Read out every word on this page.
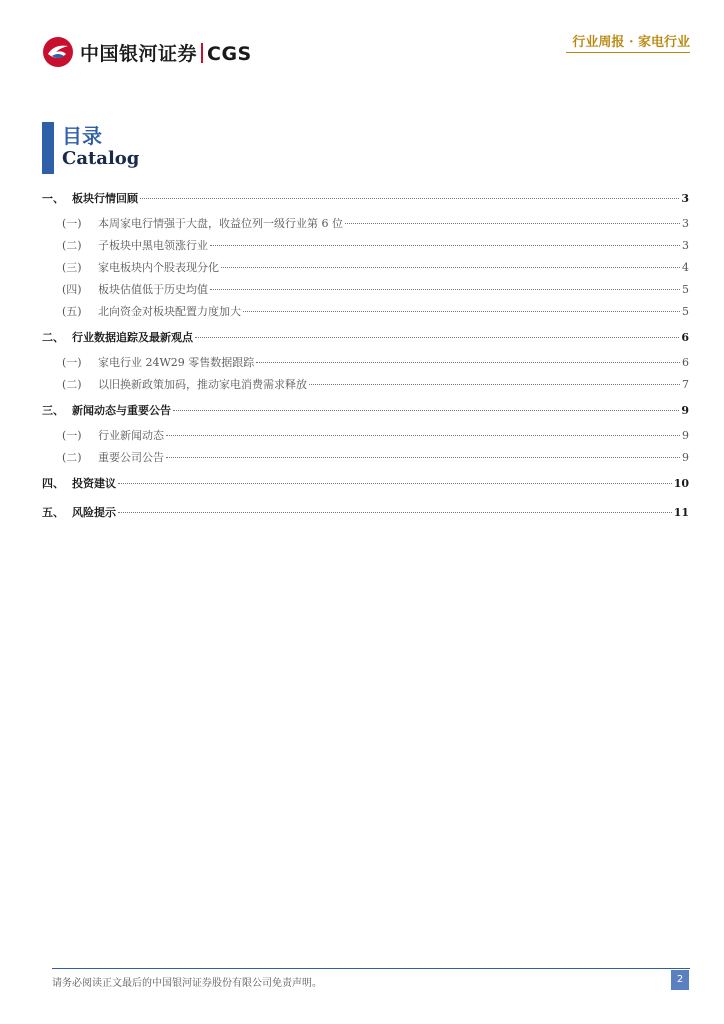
中国银河证券 CGS	行业周报 · 家电行业
目录
Catalog
一、 板块行情回顾	3
(一)	本周家电行情强于大盘，收益位列一级行业第 6 位	3
(二)	子板块中黑电领涨行业	3
(三)	家电板块内个股表现分化	4
(四)	板块估值低于历史均值	5
(五)	北向资金对板块配置力度加大	5
二、 行业数据追踪及最新观点	6
(一)	家电行业 24W29 零售数据跟踪	6
(二)	以旧换新政策加码，推动家电消费需求释放	7
三、 新闻动态与重要公告	9
(一)	行业新闻动态	9
(二)	重要公司公告	9
四、 投资建议	10
五、 风险提示	11
请务必阅读正文最后的中国银河证券股份有限公司免责声明。	2
